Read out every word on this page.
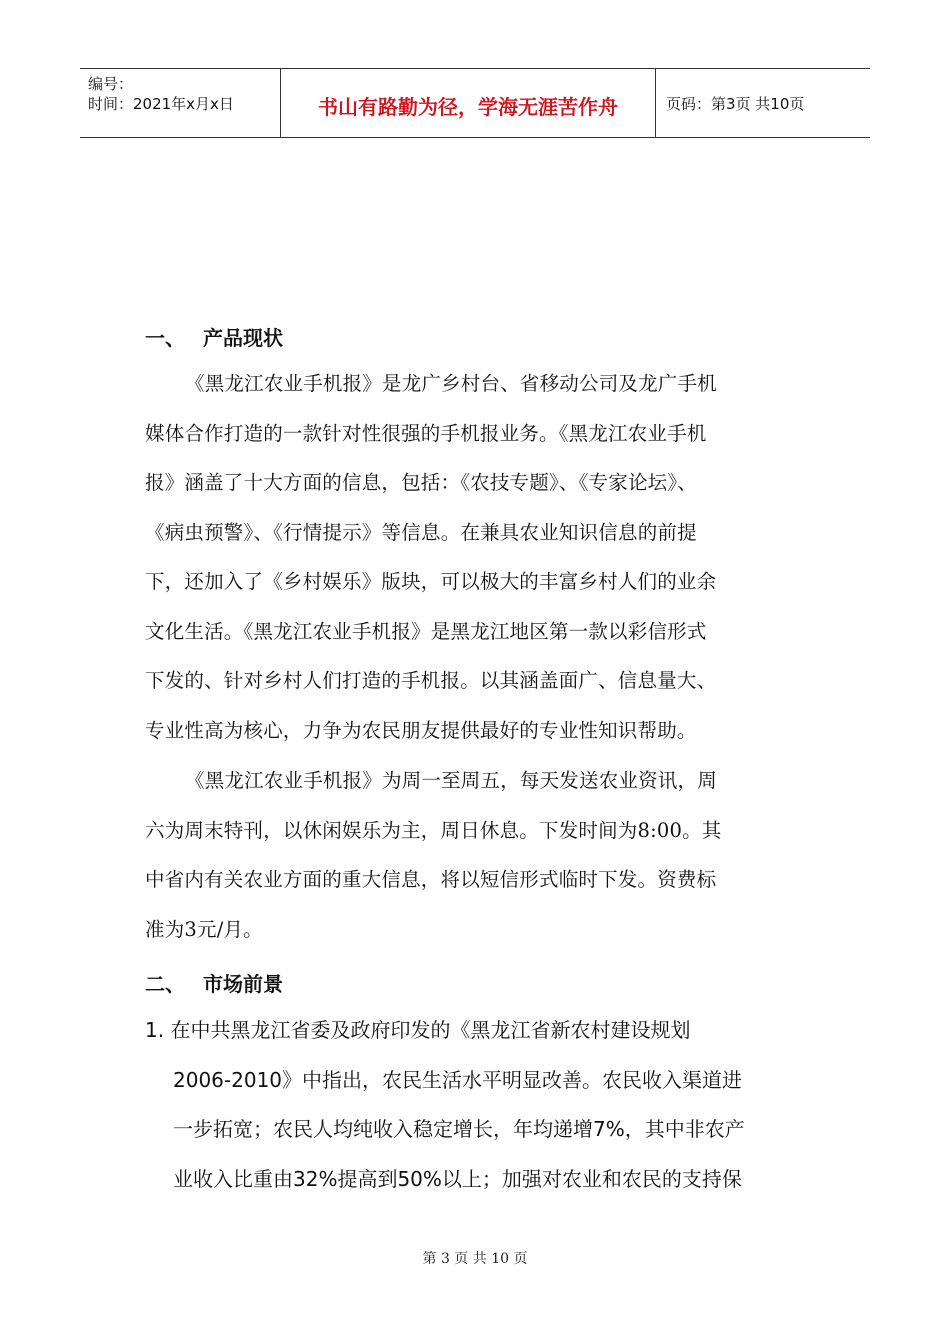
编号：
时间：2021年x月x日	书山有路勤为径，学海无涯苦作舟	页码：第3页 共10页
一、 产品现状
《黑龙江农业手机报》是龙广乡村台、省移动公司及龙广手机
媒体合作打造的一款针对性很强的手机报业务。《黑龙江农业手机
报》涵盖了十大方面的信息，包括：《农技专题》、《专家论坛》、
《病虫预警》、《行情提示》等信息。在兼具农业知识信息的前提
下，还加入了《乡村娱乐》版块，可以极大的丰富乡村人们的业余
文化生活。《黑龙江农业手机报》是黑龙江地区第一款以彩信形式
下发的、针对乡村人们打造的手机报。以其涵盖面广、信息量大、
专业性高为核心，力争为农民朋友提供最好的专业性知识帮助。
《黑龙江农业手机报》为周一至周五，每天发送农业资讯，周
六为周末特刊，以休闲娱乐为主，周日休息。下发时间为8:00。其
中省内有关农业方面的重大信息，将以短信形式临时下发。资费标
准为3元/月。
二、 市场前景
1. 在中共黑龙江省委及政府印发的《黑龙江省新农村建设规划
2006-2010》中指出，农民生活水平明显改善。农民收入渠道进
一步拓宽；农民人均纯收入稳定增长，年均递增7%，其中非农产
业收入比重由32%提高到50%以上；加强对农业和农民的支持保
第 3 页 共 10 页
